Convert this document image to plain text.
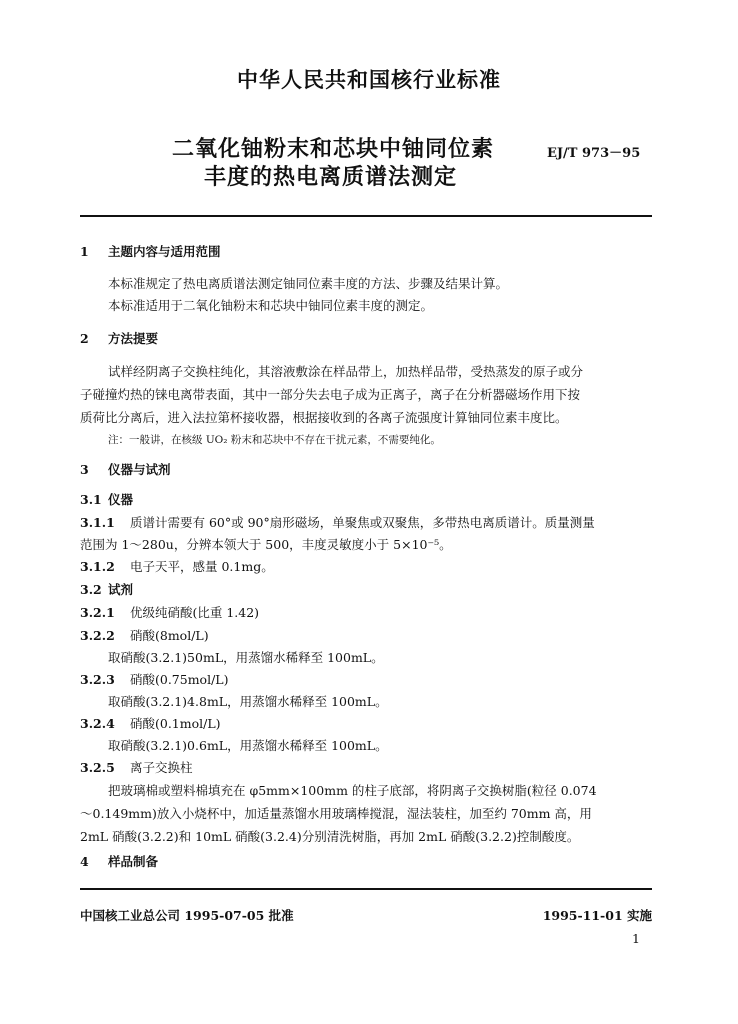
中华人民共和国核行业标准
二氧化铀粉末和芯块中铀同位素
丰度的热电离质谱法测定
EJ/T 973－95
1 主题内容与适用范围
本标准规定了热电离质谱法测定铀同位素丰度的方法、步骤及结果计算。
本标准适用于二氧化铀粉末和芯块中铀同位素丰度的测定。
2 方法提要
试样经阴离子交换柱纯化，其溶液敷涂在样品带上，加热样品带，受热蒸发的原子或分
子碰撞灼热的铼电离带表面，其中一部分失去电子成为正离子，离子在分析器磁场作用下按
质荷比分离后，进入法拉第杯接收器，根据接收到的各离子流强度计算铀同位素丰度比。
注：一般讲，在核级 UO₂ 粉末和芯块中不存在干扰元素，不需要纯化。
3 仪器与试剂
3.1 仪器
3.1.1 质谱计需要有 60°或 90°扇形磁场，单聚焦或双聚焦，多带热电离质谱计。质量测量
范围为 1～280u，分辨本领大于 500，丰度灵敏度小于 5×10⁻⁵。
3.1.2 电子天平，感量 0.1mg。
3.2 试剂
3.2.1 优级纯硝酸(比重 1.42)
3.2.2 硝酸(8mol/L)
取硝酸(3.2.1)50mL，用蒸馏水稀释至 100mL。
3.2.3 硝酸(0.75mol/L)
取硝酸(3.2.1)4.8mL，用蒸馏水稀释至 100mL。
3.2.4 硝酸(0.1mol/L)
取硝酸(3.2.1)0.6mL，用蒸馏水稀释至 100mL。
3.2.5 离子交换柱
把玻璃棉或塑料棉填充在 φ5mm×100mm 的柱子底部，将阴离子交换树脂(粒径 0.074
～0.149mm)放入小烧杯中，加适量蒸馏水用玻璃棒搅混，湿法装柱，加至约 70mm 高，用
2mL 硝酸(3.2.2)和 10mL 硝酸(3.2.4)分别清洗树脂，再加 2mL 硝酸(3.2.2)控制酸度。
4 样品制备
中国核工业总公司 1995-07-05 批准	1995-11-01 实施
1
